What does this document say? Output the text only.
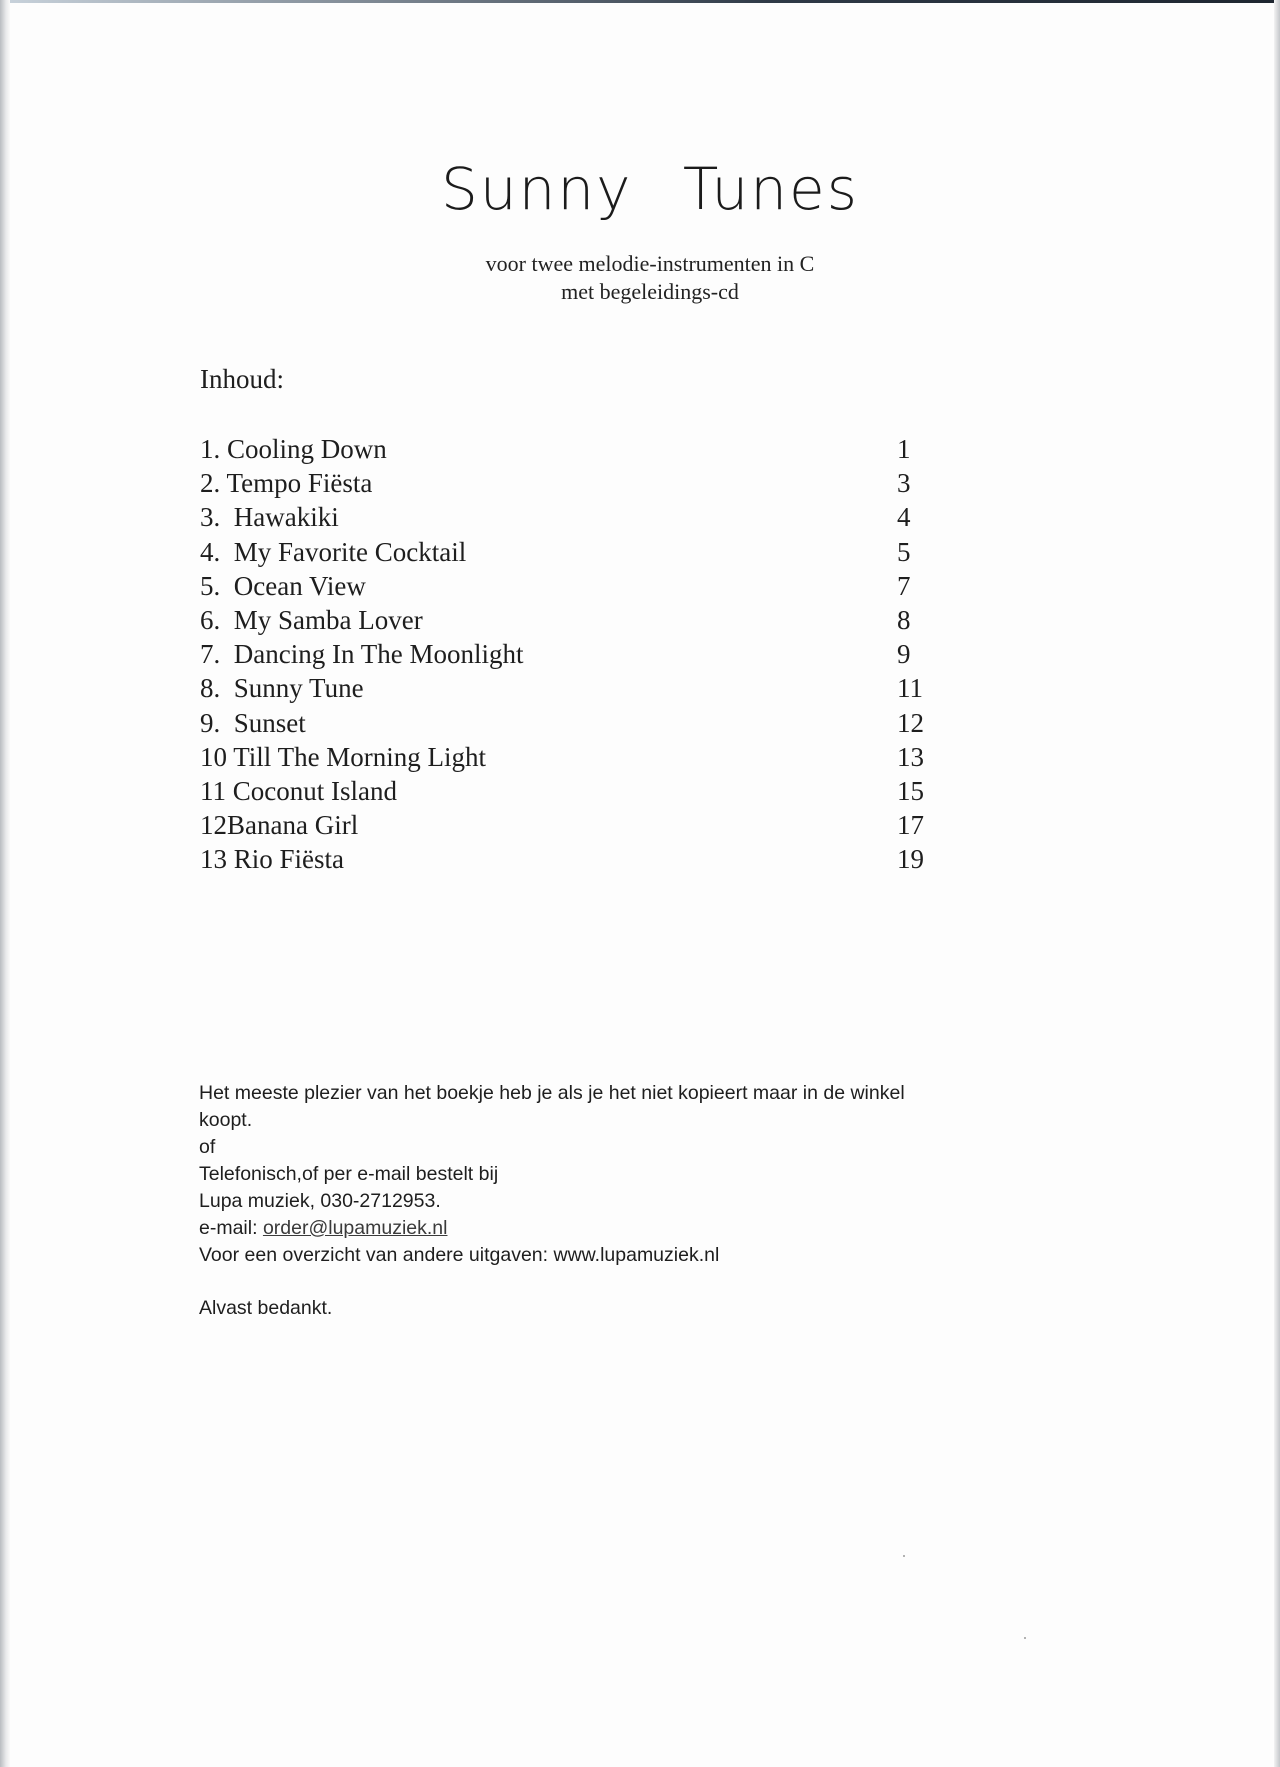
Sunny Tunes
voor twee melodie-instrumenten in C
met begeleidings-cd
Inhoud:
1. Cooling Down	1
2. Tempo Fiësta	3
3.  Hawakiki	4
4.  My Favorite Cocktail	5
5.  Ocean View	7
6.  My Samba Lover	8
7.  Dancing In The Moonlight	9
8.  Sunny Tune	11
9.  Sunset	12
10 Till The Morning Light	13
11 Coconut Island	15
12Banana Girl	17
13 Rio Fiësta	19

Het meeste plezier van het boekje heb je als je het niet kopieert maar in de winkel

koopt.

of

Telefonisch,of per e-mail bestelt bij

Lupa muziek, 030-2712953.

e-mail: order@lupamuziek.nl

Voor een overzicht van andere uitgaven: www.lupamuziek.nl

Alvast bedankt.
